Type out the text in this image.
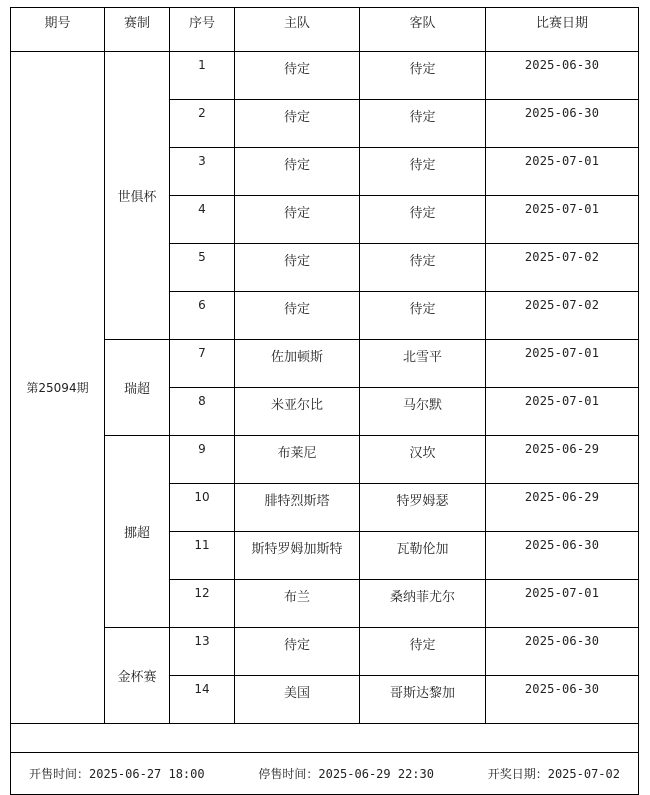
期号	赛制	序号	主队	客队	比赛日期
第25094期	世俱杯	1	待定	待定	2025-06-30
		2	待定	待定	2025-06-30
		3	待定	待定	2025-07-01
		4	待定	待定	2025-07-01
		5	待定	待定	2025-07-02
		6	待定	待定	2025-07-02
	瑞超	7	佐加顿斯	北雪平	2025-07-01
		8	米亚尔比	马尔默	2025-07-01
	挪超	9	布莱尼	汉坎	2025-06-29
		10	腓特烈斯塔	特罗姆瑟	2025-06-29
		11	斯特罗姆加斯特	瓦勒伦加	2025-06-30
		12	布兰	桑纳菲尤尔	2025-07-01
	金杯赛	13	待定	待定	2025-06-30
		14	美国	哥斯达黎加	2025-06-30

开售时间：2025-06-27 18:00 停售时间：2025-06-29 22:30 开奖日期：2025-07-02					
